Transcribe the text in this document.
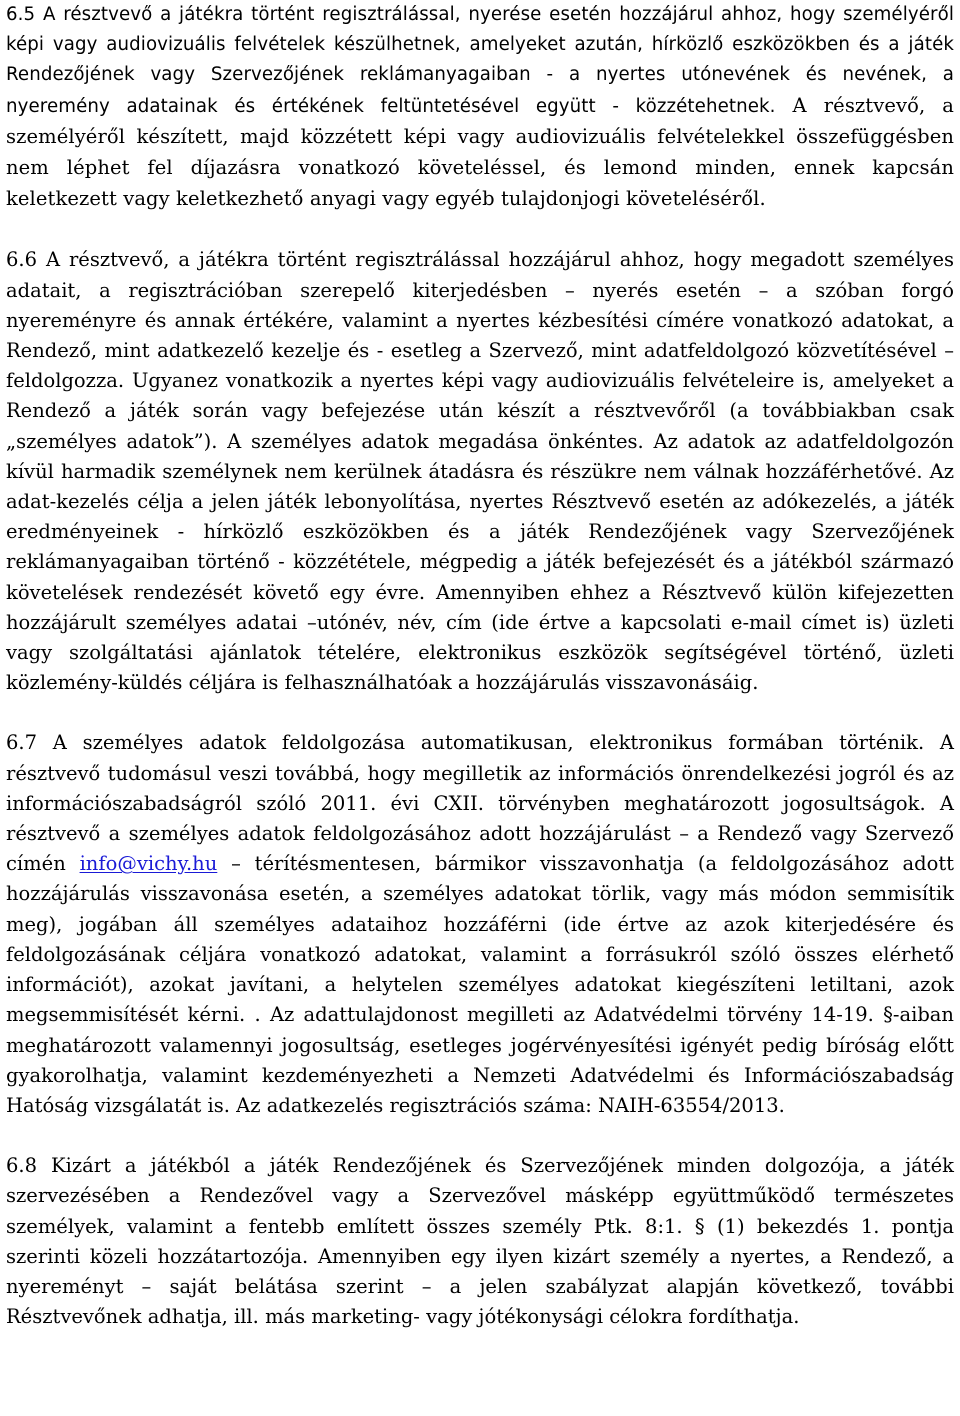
6.5 A résztvevő a játékra történt regisztrálással, nyerése esetén hozzájárul ahhoz, hogy személyéről képi vagy audiovizuális felvételek készülhetnek, amelyeket azután, hírközlő eszközökben és a játék Rendezőjének vagy Szervezőjének reklámanyagaiban - a nyertes utónevének és nevének, a nyeremény adatainak és értékének feltüntetésével együtt - közzétehetnek. A résztvevő, a személyéről készített, majd közzétett képi vagy audiovizuális felvételekkel összefüggésben nem léphet fel díjazásra vonatkozó követeléssel, és lemond minden, ennek kapcsán keletkezett vagy keletkezhető anyagi vagy egyéb tulajdonjogi követeléséről.

6.6 A résztvevő, a játékra történt regisztrálással hozzájárul ahhoz, hogy megadott személyes adatait, a regisztrációban szerepelő kiterjedésben – nyerés esetén – a szóban forgó nyereményre és annak értékére, valamint a nyertes kézbesítési címére vonatkozó adatokat, a Rendező, mint adatkezelő kezelje és - esetleg a Szervező, mint adatfeldolgozó közvetítésével – feldolgozza. Ugyanez vonatkozik a nyertes képi vagy audiovizuális felvételeire is, amelyeket a Rendező a játék során vagy befejezése után készít a résztvevőről (a továbbiakban csak „személyes adatok”). A személyes adatok megadása önkéntes. Az adatok az adatfeldolgozón kívül harmadik személynek nem kerülnek átadásra és részükre nem válnak hozzáférhetővé. Az adat-kezelés célja a jelen játék lebonyolítása, nyertes Résztvevő esetén az adókezelés, a játék eredményeinek - hírközlő eszközökben és a játék Rendezőjének vagy Szervezőjének reklámanyagaiban történő - közzététele, mégpedig a játék befejezését és a játékból származó követelések rendezését követő egy évre. Amennyiben ehhez a Résztvevő külön kifejezetten hozzájárult személyes adatai –utónév, név, cím (ide értve a kapcsolati e-mail címet is) üzleti vagy szolgáltatási ajánlatok tételére, elektronikus eszközök segítségével történő, üzleti közlemény-küldés céljára is felhasználhatóak a hozzájárulás visszavonásáig.

6.7 A személyes adatok feldolgozása automatikusan, elektronikus formában történik. A résztvevő tudomásul veszi továbbá, hogy megilletik az információs önrendelkezési jogról és az információszabadságról szóló 2011. évi CXII. törvényben meghatározott jogosultságok. A résztvevő a személyes adatok feldolgozásához adott hozzájárulást – a Rendező vagy Szervező címén info@vichy.hu – térítésmentesen, bármikor visszavonhatja (a feldolgozásához adott hozzájárulás visszavonása esetén, a személyes adatokat törlik, vagy más módon semmisítik meg), jogában áll személyes adataihoz hozzáférni (ide értve az azok kiterjedésére és feldolgozásának céljára vonatkozó adatokat, valamint a forrásukról szóló összes elérhető információt), azokat javítani, a helytelen személyes adatokat kiegészíteni letiltani, azok megsemmisítését kérni. . Az adattulajdonost megilleti az Adatvédelmi törvény 14-19. §-aiban meghatározott valamennyi jogosultság, esetleges jogérvényesítési igényét pedig bíróság előtt gyakorolhatja, valamint kezdeményezheti a Nemzeti Adatvédelmi és Információszabadság Hatóság vizsgálatát is. Az adatkezelés regisztrációs száma: NAIH-63554/2013.

6.8 Kizárt a játékból a játék Rendezőjének és Szervezőjének minden dolgozója, a játék szervezésében a Rendezővel vagy a Szervezővel másképp együttműködő természetes személyek, valamint a fentebb említett összes személy Ptk. 8:1. § (1) bekezdés 1. pontja szerinti közeli hozzátartozója. Amennyiben egy ilyen kizárt személy a nyertes, a Rendező, a nyereményt – saját belátása szerint – a jelen szabályzat alapján következő, további Résztvevőnek adhatja, ill. más marketing- vagy jótékonysági célokra fordíthatja.
